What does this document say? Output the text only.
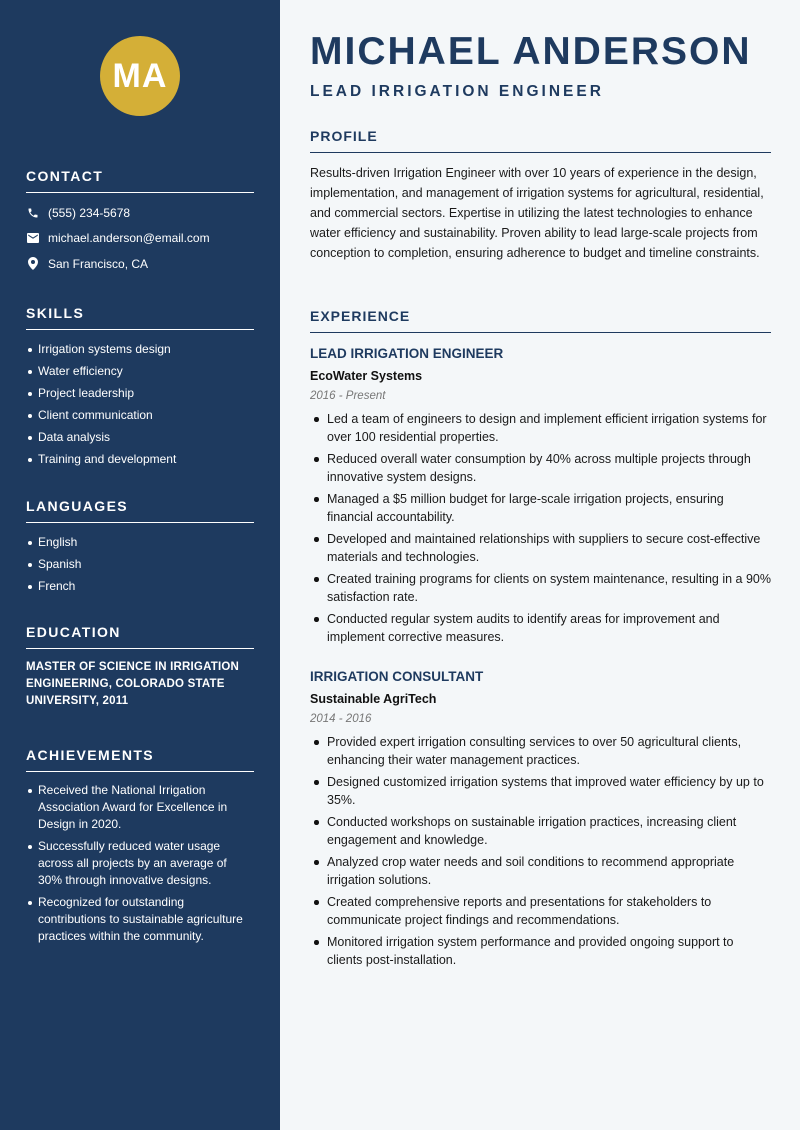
MA
CONTACT
(555) 234-5678
michael.anderson@email.com
San Francisco, CA
SKILLS
Irrigation systems design
Water efficiency
Project leadership
Client communication
Data analysis
Training and development
LANGUAGES
English
Spanish
French
EDUCATION
MASTER OF SCIENCE IN IRRIGATION ENGINEERING, COLORADO STATE UNIVERSITY, 2011
ACHIEVEMENTS
Received the National Irrigation Association Award for Excellence in Design in 2020.
Successfully reduced water usage across all projects by an average of 30% through innovative designs.
Recognized for outstanding contributions to sustainable agriculture practices within the community.
MICHAEL ANDERSON
LEAD IRRIGATION ENGINEER
PROFILE

Results-driven Irrigation Engineer with over 10 years of experience in the design, implementation, and management of irrigation systems for agricultural, residential, and commercial sectors. Expertise in utilizing the latest technologies to enhance water efficiency and sustainability. Proven ability to lead large-scale projects from conception to completion, ensuring adherence to budget and timeline constraints.

EXPERIENCE
LEAD IRRIGATION ENGINEER
EcoWater Systems
2016 - Present
Led a team of engineers to design and implement efficient irrigation systems for over 100 residential properties.
Reduced overall water consumption by 40% across multiple projects through innovative system designs.
Managed a $5 million budget for large-scale irrigation projects, ensuring financial accountability.
Developed and maintained relationships with suppliers to secure cost-effective materials and technologies.
Created training programs for clients on system maintenance, resulting in a 90% satisfaction rate.
Conducted regular system audits to identify areas for improvement and implement corrective measures.
IRRIGATION CONSULTANT
Sustainable AgriTech
2014 - 2016
Provided expert irrigation consulting services to over 50 agricultural clients, enhancing their water management practices.
Designed customized irrigation systems that improved water efficiency by up to 35%.
Conducted workshops on sustainable irrigation practices, increasing client engagement and knowledge.
Analyzed crop water needs and soil conditions to recommend appropriate irrigation solutions.
Created comprehensive reports and presentations for stakeholders to communicate project findings and recommendations.
Monitored irrigation system performance and provided ongoing support to clients post-installation.
